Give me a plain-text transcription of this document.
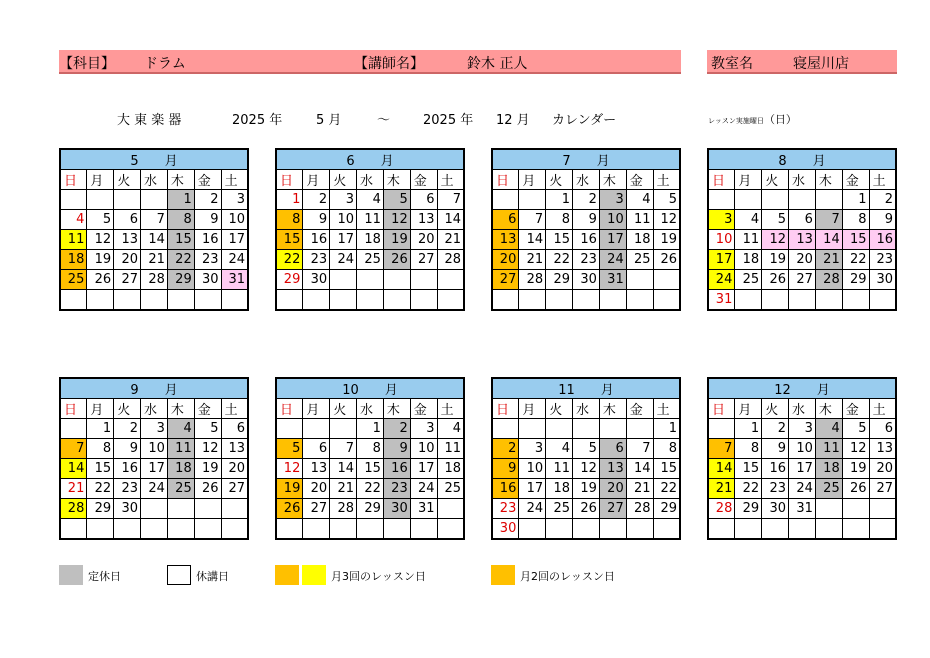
【科目】 ドラム	【講師名】	鈴木 正人	教室名	寝屋川店
大 東 楽 器	2025 年	5 月	～	2025 年 12 月 カレンダー	レッスン実施曜日（日）
5　　月						
日	月	火	水	木	金	土
				1	2	3
4	5	6	7	8	9	10
11	12	13	14	15	16	17
18	19	20	21	22	23	24
25	26	27	28	29	30	31

6　　月						
日	月	火	水	木	金	土
1	2	3	4	5	6	7
8	9	10	11	12	13	14
15	16	17	18	19	20	21
22	23	24	25	26	27	28
29	30					

7　　月						
日	月	火	水	木	金	土
		1	2	3	4	5
6	7	8	9	10	11	12
13	14	15	16	17	18	19
20	21	22	23	24	25	26
27	28	29	30	31		

8　　月						
日	月	火	水	木	金	土
					1	2
3	4	5	6	7	8	9
10	11	12	13	14	15	16
17	18	19	20	21	22	23
24	25	26	27	28	29	30
31						
9　　月						
日	月	火	水	木	金	土
	1	2	3	4	5	6
7	8	9	10	11	12	13
14	15	16	17	18	19	20
21	22	23	24	25	26	27
28	29	30				

10　　月						
日	月	火	水	木	金	土
			1	2	3	4
5	6	7	8	9	10	11
12	13	14	15	16	17	18
19	20	21	22	23	24	25
26	27	28	29	30	31	

11　　月						
日	月	火	水	木	金	土
						1
2	3	4	5	6	7	8
9	10	11	12	13	14	15
16	17	18	19	20	21	22
23	24	25	26	27	28	29
30						
12　　月						
日	月	火	水	木	金	土
	1	2	3	4	5	6
7	8	9	10	11	12	13
14	15	16	17	18	19	20
21	22	23	24	25	26	27
28	29	30	31			

定休日	休講日	月3回のレッスン日	月2回のレッスン日
